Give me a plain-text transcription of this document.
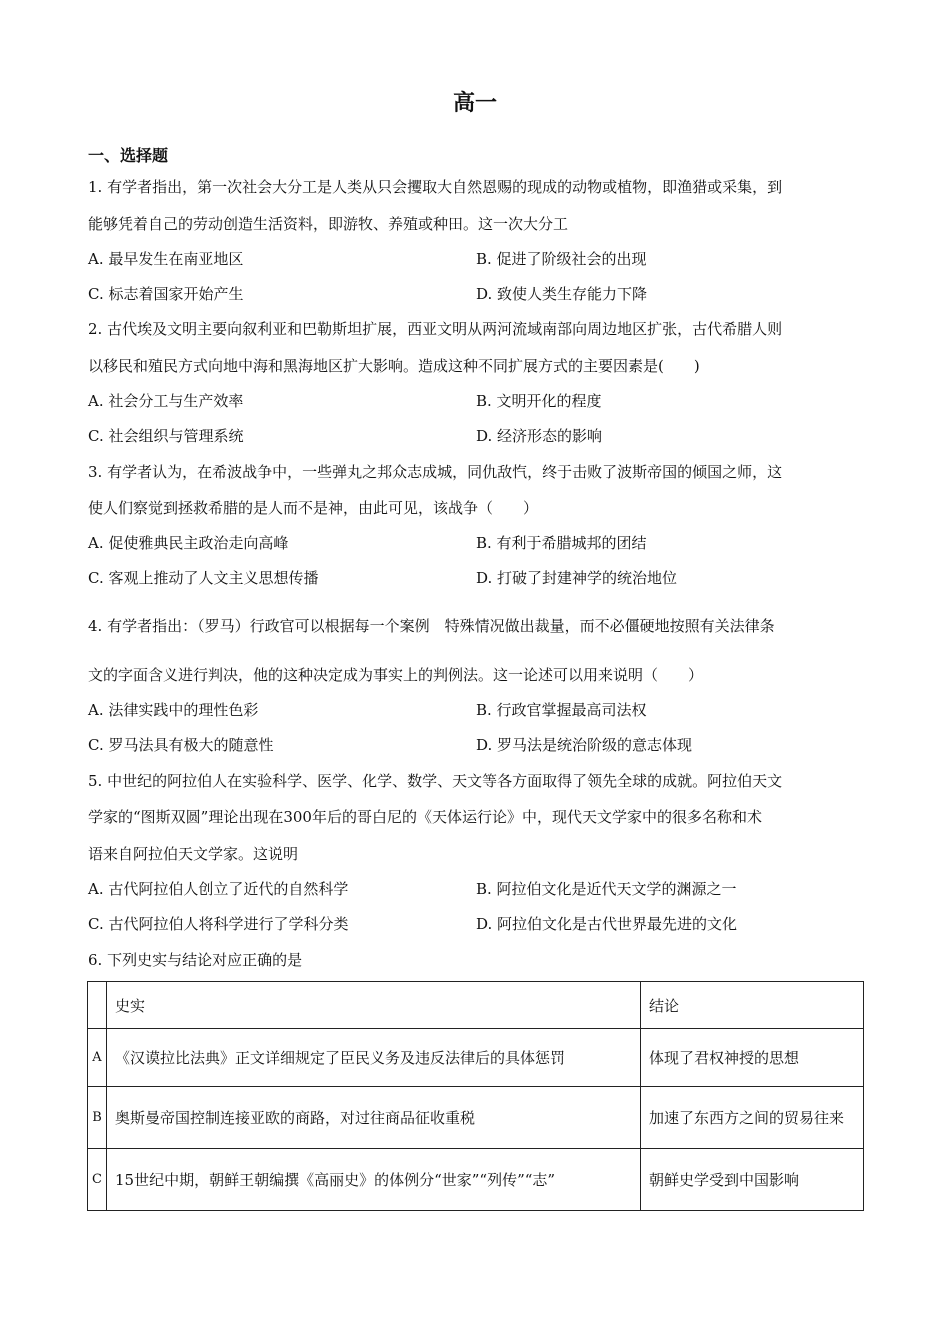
高一
一、选择题
1. 有学者指出，第一次社会大分工是人类从只会攫取大自然恩赐的现成的动物或植物，即渔猎或采集，到
能够凭着自己的劳动创造生活资料，即游牧、养殖或种田。这一次大分工
A. 最早发生在南亚地区	B. 促进了阶级社会的出现
C. 标志着国家开始产生	D. 致使人类生存能力下降
2. 古代埃及文明主要向叙利亚和巴勒斯坦扩展，西亚文明从两河流域南部向周边地区扩张，古代希腊人则
以移民和殖民方式向地中海和黑海地区扩大影响。造成这种不同扩展方式的主要因素是(　　)
A. 社会分工与生产效率	B. 文明开化的程度
C. 社会组织与管理系统	D. 经济形态的影响
3. 有学者认为，在希波战争中，一些弹丸之邦众志成城，同仇敌忾，终于击败了波斯帝国的倾国之师，这
使人们察觉到拯救希腊的是人而不是神，由此可见，该战争（　　）
A. 促使雅典民主政治走向高峰	B. 有利于希腊城邦的团结
C. 客观上推动了人文主义思想传播	D. 打破了封建神学的统治地位
4. 有学者指出：（罗马）行政官可以根据每一个案例　特殊情况做出裁量，而不必僵硬地按照有关法律条
文的字面含义进行判决，他的这种决定成为事实上的判例法。这一论述可以用来说明（　　）
A. 法律实践中的理性色彩	B. 行政官掌握最高司法权
C. 罗马法具有极大的随意性	D. 罗马法是统治阶级的意志体现
5. 中世纪的阿拉伯人在实验科学、医学、化学、数学、天文等各方面取得了领先全球的成就。阿拉伯天文
学家的“图斯双圆”理论出现在300年后的哥白尼的《天体运行论》中，现代天文学家中的很多名称和术
语来自阿拉伯天文学家。这说明
A. 古代阿拉伯人创立了近代的自然科学	B. 阿拉伯文化是近代天文学的渊源之一
C. 古代阿拉伯人将科学进行了学科分类	D. 阿拉伯文化是古代世界最先进的文化
6. 下列史实与结论对应正确的是
	史实	结论
A	《汉谟拉比法典》正文详细规定了臣民义务及违反法律后的具体惩罚	体现了君权神授的思想
B	奥斯曼帝国控制连接亚欧的商路，对过往商品征收重税	加速了东西方之间的贸易往来
C	15世纪中期，朝鲜王朝编撰《高丽史》的体例分“世家”“列传”“志”	朝鲜史学受到中国影响
